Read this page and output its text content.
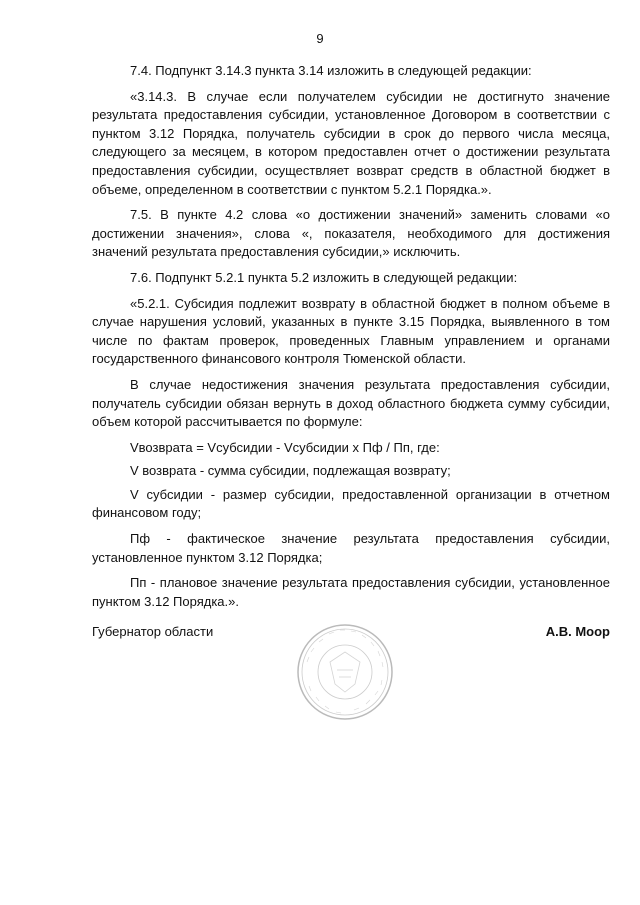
9

7.4. Подпункт 3.14.3 пункта 3.14 изложить в следующей редакции:

«3.14.3. В случае если получателем субсидии не достигнуто значение результата предоставления субсидии, установленное Договором в соответствии с пунктом 3.12 Порядка, получатель субсидии в срок до первого числа месяца, следующего за месяцем, в котором предоставлен отчет о достижении результата предоставления субсидии, осуществляет возврат средств в областной бюджет в объеме, определенном в соответствии с пунктом 5.2.1 Порядка.».

7.5. В пункте 4.2 слова «о достижении значений» заменить словами «о достижении значения», слова «, показателя, необходимого для достижения значений результата предоставления субсидии,» исключить.

7.6. Подпункт 5.2.1 пункта 5.2 изложить в следующей редакции:

«5.2.1. Субсидия подлежит возврату в областной бюджет в полном объеме в случае нарушения условий, указанных в пункте 3.15 Порядка, выявленного в том числе по фактам проверок, проведенных Главным управлением и органами государственного финансового контроля Тюменской области.

В случае недостижения значения результата предоставления субсидии, получатель субсидии обязан вернуть в доход областного бюджета сумму субсидии, объем которой рассчитывается по формуле:

Vвозврата = Vсубсидии - Vсубсидии х Пф / Пп, где:

V возврата - сумма субсидии, подлежащая возврату;

V субсидии - размер субсидии, предоставленной организации в отчетном финансовом году;

Пф - фактическое значение результата предоставления субсидии, установленное пунктом 3.12 Порядка;

Пп - плановое значение результата предоставления субсидии, установленное пунктом 3.12 Порядка.».

Губернатор области	А.В. Моор
